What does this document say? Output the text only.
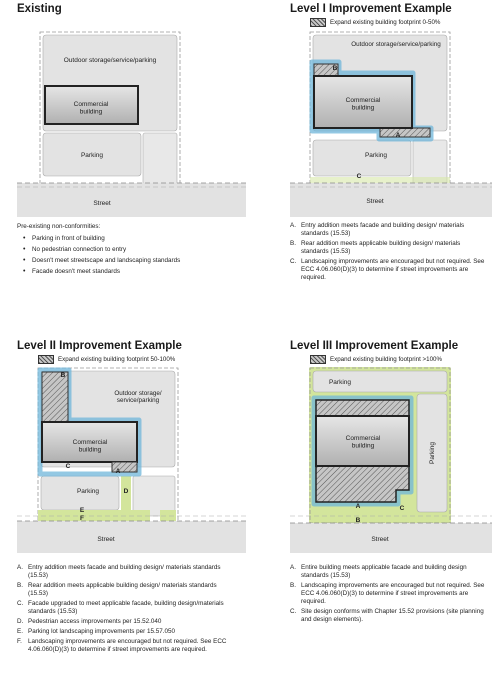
Existing
Outdoor storage/service/parking
Commercial building
Parking
Street
Pre-existing non-conformities:
•	Parking in front of building
•	No pedestrian connection to entry
•	Doesn't meet streetscape and landscaping standards
•	Facade doesn't meet standards
Level I Improvement Example
Expand existing building footprint 0-50%
Outdoor storage/service/parking
Commercial building
Parking
Street
B
A
C
A. Entry addition meets facade and building design/ materials standards (15.53)
B. Rear addition meets applicable building design/ materials standards (15.53)
C. Landscaping improvements are encouraged but not required. See ECC 4.06.060(D)(3) to determine if street improvements are required.
Level II Improvement Example
Expand existing building footprint 50-100%
Outdoor storage/ service/parking
Commercial building
Parking
Street
B
C
A
D
E
F
A. Entry addition meets facade and building design/ materials standards (15.53)
B. Rear addition meets applicable building design/ materials standards (15.53)
C. Facade upgraded to meet applicable facade, building design/materials standards (15.53)
D. Pedestrian access improvements per 15.52.040
E. Parking lot landscaping improvements per 15.57.050
F. Landscaping improvements are encouraged but not required. See ECC 4.06.060(D)(3) to determine if street improvements are required.
Level III Improvement Example
Expand existing building footprint >100%
Parking
Commercial building	Parking
Street
A	C
B
A. Entire building meets applicable facade and building design standards (15.53)
B. Landscaping improvements are encouraged but not required. See ECC 4.06.060(D)(3) to determine if street improvements are required.
C. Site design conforms with Chapter 15.52 provisions (site planning and design elements).
